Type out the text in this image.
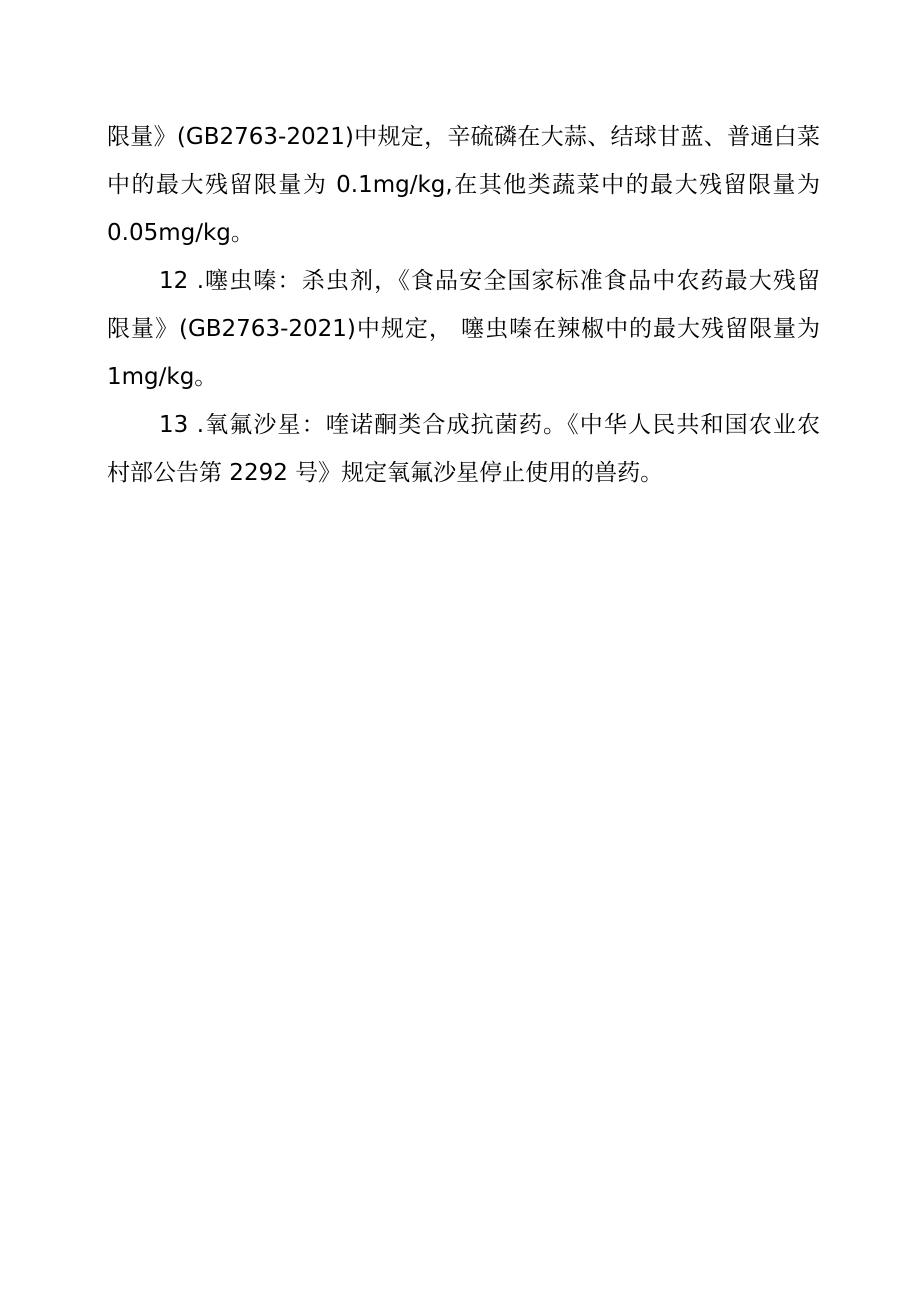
限量》(GB2763-2021)中规定，辛硫磷在大蒜、结球甘蓝、普通白菜
中的最大残留限量为 0.1mg/kg,在其他类蔬菜中的最大残留限量为
0.05mg∕kg。
12 .噻虫嗪：杀虫剂，《食品安全国家标准食品中农药最大残留
限量》(GB2763-2021)中规定， 噻虫嗪在辣椒中的最大残留限量为
1mg∕kg。
13 .氧氟沙星：喹诺酮类合成抗菌药。《中华人民共和国农业农
村部公告第 2292 号》规定氧氟沙星停止使用的兽药。
